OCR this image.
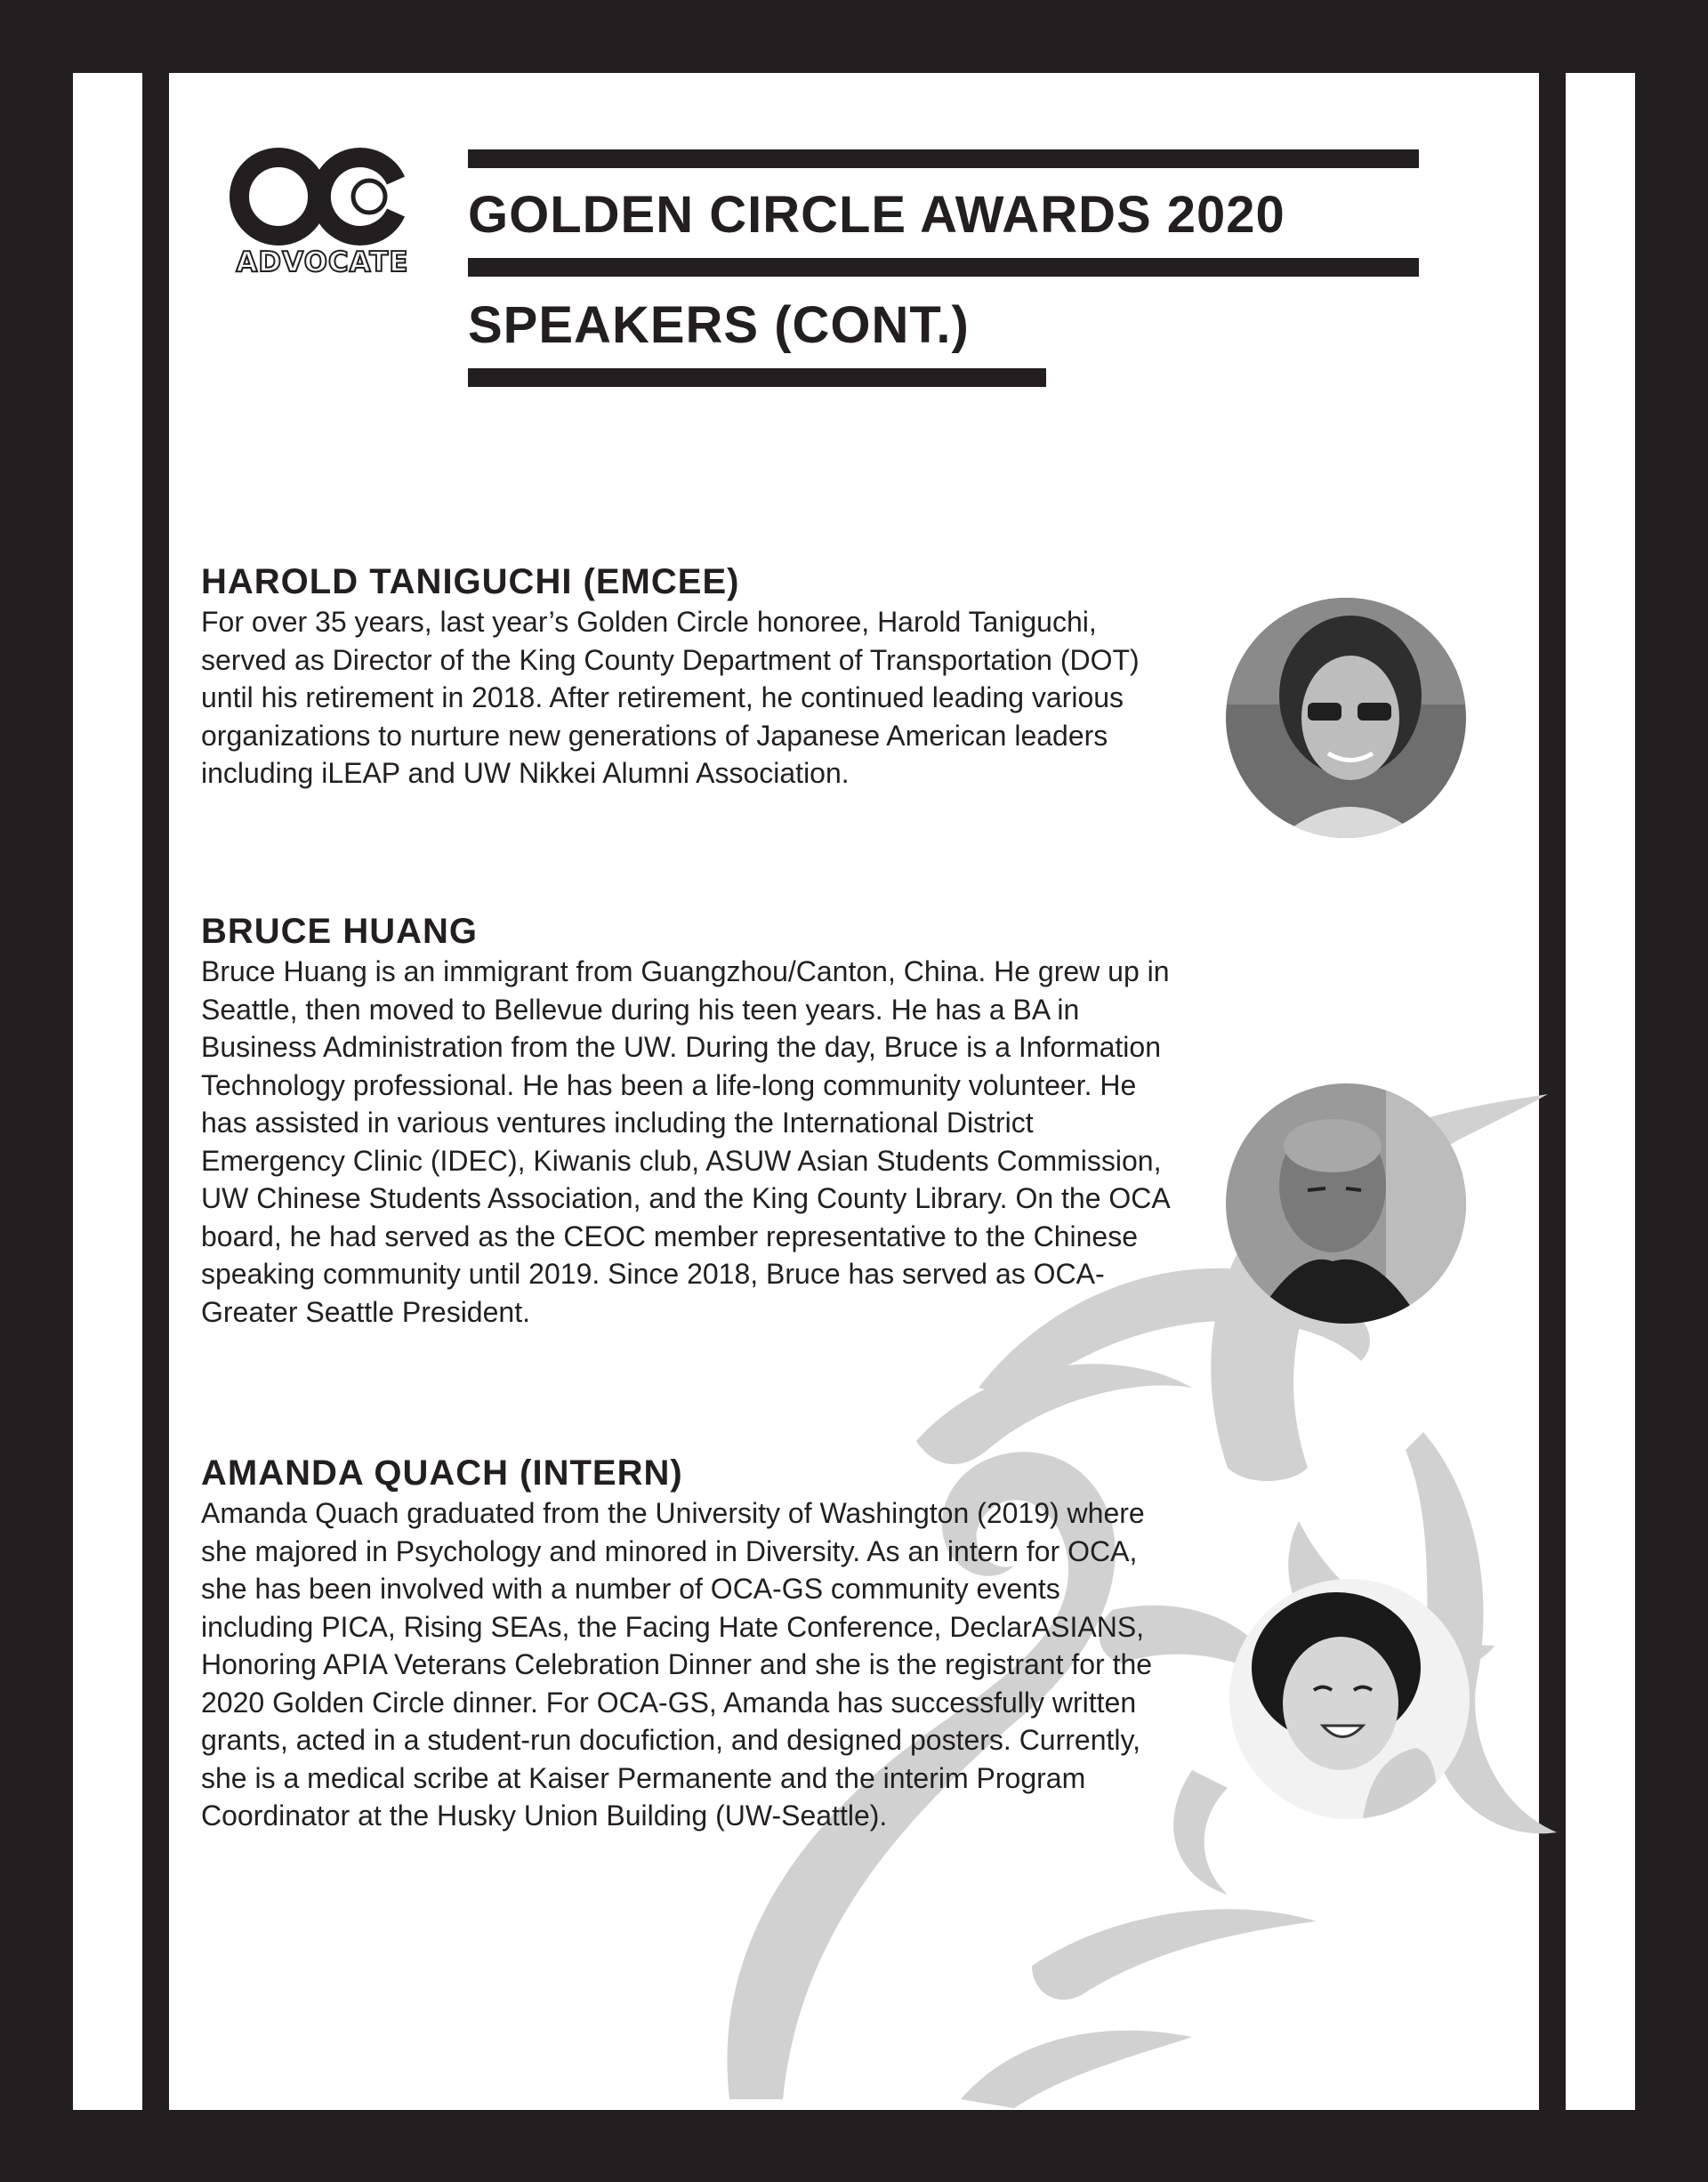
ADVOCATE
GOLDEN CIRCLE AWARDS 2020
SPEAKERS (CONT.)
HAROLD TANIGUCHI (EMCEE)

For over 35 years, last year’s Golden Circle honoree, Harold Taniguchi, served as Director of the King County Department of Transportation (DOT) until his retirement in 2018. After retirement, he continued leading various organizations to nurture new generations of Japanese American leaders including iLEAP and UW Nikkei Alumni Association.

BRUCE HUANG

Bruce Huang is an immigrant from Guangzhou/Canton, China. He grew up in Seattle, then moved to Bellevue during his teen years. He has a BA in Business Administration from the UW. During the day, Bruce is a Information Technology professional. He has been a life-long community volunteer. He has assisted in various ventures including the International District Emergency Clinic (IDEC), Kiwanis club, ASUW Asian Students Commission, UW Chinese Students Association, and the King County Library. On the OCA board, he had served as the CEOC member representative to the Chinese speaking community until 2019. Since 2018, Bruce has served as OCA-Greater Seattle President.

AMANDA QUACH (INTERN)

Amanda Quach graduated from the University of Washington (2019) where she majored in Psychology and minored in Diversity. As an intern for OCA, she has been involved with a number of OCA-GS community events including PICA, Rising SEAs, the Facing Hate Conference, DeclarASIANS, Honoring APIA Veterans Celebration Dinner and she is the registrant for the 2020 Golden Circle dinner. For OCA-GS, Amanda has successfully written grants, acted in a student-run docufiction, and designed posters. Currently, she is a medical scribe at Kaiser Permanente and the interim Program Coordinator at the Husky Union Building (UW-Seattle).
